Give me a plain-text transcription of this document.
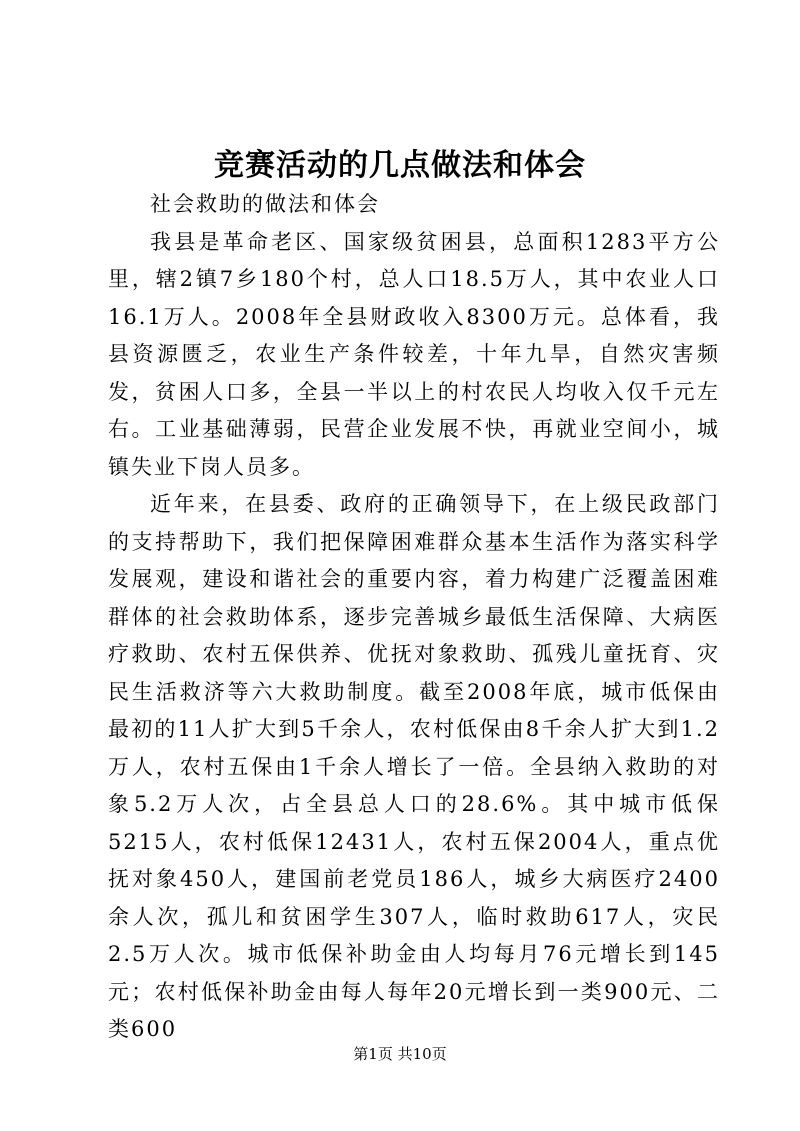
竞赛活动的几点做法和体会

社会救助的做法和体会

我县是革命老区、国家级贫困县，总面积1283平方公里，辖2镇7乡180个村，总人口18.5万人，其中农业人口16.1万人。2008年全县财政收入8300万元。总体看，我县资源匮乏，农业生产条件较差，十年九旱，自然灾害频发，贫困人口多，全县一半以上的村农民人均收入仅千元左右。工业基础薄弱，民营企业发展不快，再就业空间小，城镇失业下岗人员多。

近年来，在县委、政府的正确领导下，在上级民政部门的支持帮助下，我们把保障困难群众基本生活作为落实科学发展观，建设和谐社会的重要内容，着力构建广泛覆盖困难群体的社会救助体系，逐步完善城乡最低生活保障、大病医疗救助、农村五保供养、优抚对象救助、孤残儿童抚育、灾民生活救济等六大救助制度。截至2008年底，城市低保由最初的11人扩大到5千余人，农村低保由8千余人扩大到1.2万人，农村五保由1千余人增长了一倍。全县纳入救助的对象5.2万人次，占全县总人口的28.6%。其中城市低保5215人，农村低保12431人，农村五保2004人，重点优抚对象450人，建国前老党员186人，城乡大病医疗2400余人次，孤儿和贫困学生307人，临时救助617人，灾民2.5万人次。城市低保补助金由人均每月76元增长到145元；农村低保补助金由每人每年20元增长到一类900元、二类600

第1页 共10页
